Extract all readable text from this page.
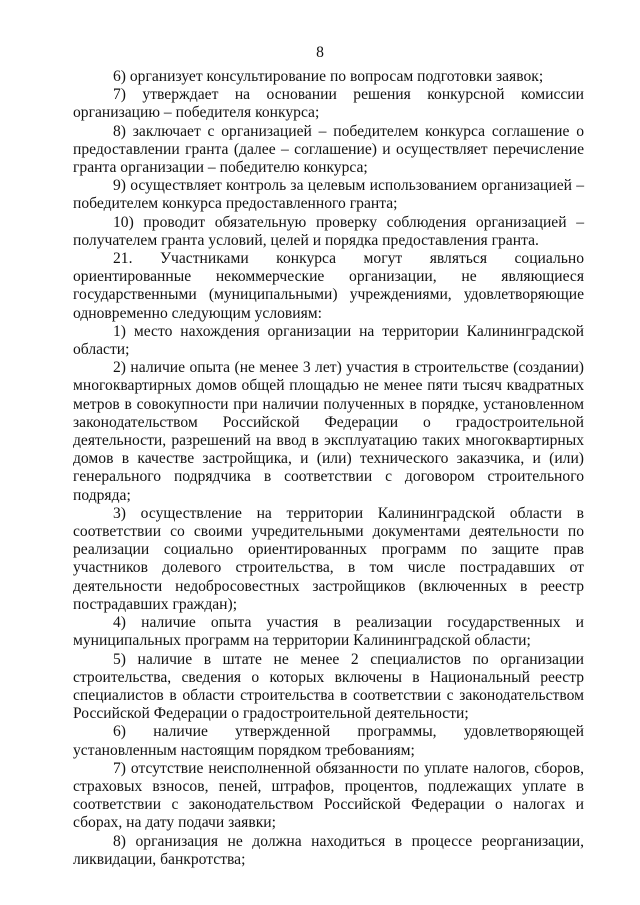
8

6) организует консультирование по вопросам подготовки заявок;

7) утверждает на основании решения конкурсной комиссии организацию – победителя конкурса;

8) заключает с организацией – победителем конкурса соглашение о предоставлении гранта (далее – соглашение) и осуществляет перечисление гранта организации – победителю конкурса;

9) осуществляет контроль за целевым использованием организацией – победителем конкурса предоставленного гранта;

10) проводит обязательную проверку соблюдения организацией – получателем гранта условий, целей и порядка предоставления гранта.

21. Участниками конкурса могут являться социально ориентированные некоммерческие организации, не являющиеся государственными (муниципальными) учреждениями, удовлетворяющие одновременно следующим условиям:

1) место нахождения организации на территории Калининградской области;

2) наличие опыта (не менее 3 лет) участия в строительстве (создании) многоквартирных домов общей площадью не менее пяти тысяч квадратных метров в совокупности при наличии полученных в порядке, установленном законодательством Российской Федерации о градостроительной деятельности, разрешений на ввод в эксплуатацию таких многоквартирных домов в качестве застройщика, и (или) технического заказчика, и (или) генерального подрядчика в соответствии с договором строительного подряда;

3) осуществление на территории Калининградской области в соответствии со своими учредительными документами деятельности по реализации социально ориентированных программ по защите прав участников долевого строительства, в том числе пострадавших от деятельности недобросовестных застройщиков (включенных в реестр пострадавших граждан);

4) наличие опыта участия в реализации государственных и муниципальных программ на территории Калининградской области;

5) наличие в штате не менее 2 специалистов по организации строительства, сведения о которых включены в Национальный реестр специалистов в области строительства в соответствии с законодательством Российской Федерации о градостроительной деятельности;

6) наличие утвержденной программы, удовлетворяющей установленным настоящим порядком требованиям;

7) отсутствие неисполненной обязанности по уплате налогов, сборов, страховых взносов, пеней, штрафов, процентов, подлежащих уплате в соответствии с законодательством Российской Федерации о налогах и сборах, на дату подачи заявки;

8) организация не должна находиться в процессе реорганизации, ликвидации, банкротства;
